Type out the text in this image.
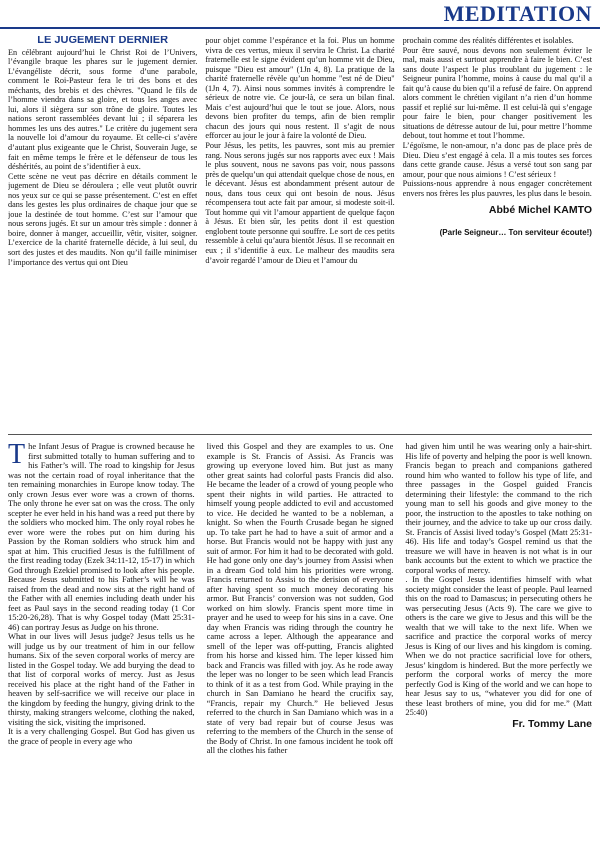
MEDITATION
LE JUGEMENT DERNIER

En célébrant aujourd’hui le Christ Roi de l’Univers, l’évangile braque les phares sur le jugement dernier. L’évangéliste décrit, sous forme d’une parabole, comment le Roi-Pasteur fera le tri des bons et des méchants, des brebis et des chèvres. "Quand le fils de l’homme viendra dans sa gloire, et tous les anges avec lui, alors il siègera sur son trône de gloire. Toutes les nations seront rassemblées devant lui ; il séparera les hommes les uns des autres." Le critère du jugement sera la nouvelle loi d’amour du royaume. Et celle-ci s’avère d’autant plus exigeante que le Christ, Souverain Juge, se fait en même temps le frère et le défenseur de tous les déshérités, au point de s’identifier à eux.

Cette scène ne veut pas décrire en détails comment le jugement de Dieu se déroulera ; elle veut plutôt ouvrir nos yeux sur ce qui se passe présentement. C’est en effet dans les gestes les plus ordinaires de chaque jour que se joue la destinée de tout homme. C’est sur l’amour que nous serons jugés. Et sur un amour très simple : donner à boire, donner à manger, accueillir, vêtir, visiter, soigner. L’exercice de la charité fraternelle décide, à lui seul, du sort des justes et des maudits. Non qu’il faille minimiser l’importance des vertus qui ont Dieu

pour objet comme l’espérance et la foi. Plus un homme vivra de ces vertus, mieux il servira le Christ. La charité fraternelle est le signe évident qu’un homme vit de Dieu, puisque "Dieu est amour" (1Jn 4, 8). La pratique de la charité fraternelle révèle qu’un homme "est né de Dieu" (1Jn 4, 7). Ainsi nous sommes invités à comprendre le sérieux de notre vie. Ce jour-là, ce sera un bilan final. Mais c’est aujourd’hui que le tout se joue. Alors, nous devons bien profiter du temps, afin de bien remplir chacun des jours qui nous restent. Il s’agit de nous efforcer au jour le jour à faire la volonté de Dieu.

Pour Jésus, les petits, les pauvres, sont mis au premier rang. Nous serons jugés sur nos rapports avec eux ! Mais le plus souvent, nous ne savons pas voir, nous passons près de quelqu’un qui attendait quelque chose de nous, en le décevant. Jésus est abondamment présent autour de nous, dans tous ceux qui ont besoin de nous. Jésus récompensera tout acte fait par amour, si modeste soit-il. Tout homme qui vit l’amour appartient de quelque façon à Jésus. Et bien sûr, les petits dont il est question englobent toute personne qui souffre. Le sort de ces petits ressemble à celui qu’aura bientôt Jésus. Il se reconnait en eux ; il s’identifie à eux. Le malheur des maudits sera d’avoir regardé l’amour de Dieu et l’amour du

prochain comme des réalités différentes et isolables.

Pour être sauvé, nous devons non seulement éviter le mal, mais aussi et surtout apprendre à faire le bien. C’est sans doute l’aspect le plus troublant du jugement : le Seigneur punira l’homme, moins à cause du mal qu’il a fait qu’à cause du bien qu’il a refusé de faire. On apprend alors comment le chrétien vigilant n’a rien d’un homme passif et replié sur lui-même. Il est celui-là qui s’engage pour faire le bien, pour changer positivement les situations de détresse autour de lui, pour mettre l’homme debout, tout homme et tout l’homme.

L’égoïsme, le non-amour, n’a donc pas de place près de Dieu. Dieu s’est engagé à cela. Il a mis toutes ses forces dans cette grande cause. Jésus a versé tout son sang par amour, pour que nous aimions ! C’est sérieux !

Puissions-nous apprendre à nous engager concrètement envers nos frères les plus pauvres, les plus dans le besoin.

Abbé Michel KAMTO
(Parle Seigneur… Ton serviteur écoute!)

The Infant Jesus of Prague is crowned because he first submitted totally to human suffering and to his Father’s will. The road to kingship for Jesus was not the certain road of royal inheritance that the ten remaining monarchies in Europe know today. The only crown Jesus ever wore was a crown of thorns. The only throne he ever sat on was the cross. The only scepter he ever held in his hand was a reed put there by the soldiers who mocked him. The only royal robes he ever wore were the robes put on him during his Passion by the Roman soldiers who struck him and spat at him. This crucified Jesus is the fulfillment of the first reading today (Ezek 34:11-12, 15-17) in which God through Ezekiel promised to look after his people. Because Jesus submitted to his Father’s will he was raised from the dead and now sits at the right hand of the Father with all enemies including death under his feet as Paul says in the second reading today (1 Cor 15:20-26,28). That is why Gospel today (Matt 25:31-46) can portray Jesus as Judge on his throne.

What in our lives will Jesus judge? Jesus tells us he will judge us by our treatment of him in our fellow humans. Six of the seven corporal works of mercy are listed in the Gospel today. We add burying the dead to that list of corporal works of mercy. Just as Jesus received his place at the right hand of the Father in heaven by self-sacrifice we will receive our place in the kingdom by feeding the hungry, giving drink to the thirsty, making strangers welcome, clothing the naked, visiting the sick, visiting the imprisoned.

It is a very challenging Gospel. But God has given us the grace of people in every age who

lived this Gospel and they are examples to us. One example is St. Francis of Assisi. As Francis was growing up everyone loved him. But just as many other great saints had colorful pasts Francis did also. He became the leader of a crowd of young people who spent their nights in wild parties. He attracted to himself young people addicted to evil and accustomed to vice. He decided he wanted to be a nobleman, a knight. So when the Fourth Crusade began he signed up. To take part he had to have a suit of armor and a horse. But Francis would not be happy with just any suit of armor. For him it had to be decorated with gold. He had gone only one day’s journey from Assisi when in a dream God told him his priorities were wrong. Francis returned to Assisi to the derision of everyone after having spent so much money decorating his armor. But Francis’ conversion was not sudden, God worked on him slowly. Francis spent more time in prayer and he used to weep for his sins in a cave. One day when Francis was riding through the country he came across a leper. Although the appearance and smell of the leper was off-putting, Francis alighted from his horse and kissed him. The leper kissed him back and Francis was filled with joy. As he rode away the leper was no longer to be seen which lead Francis to think of it as a test from God. While praying in the church in San Damiano he heard the crucifix say, “Francis, repair my Church.” He believed Jesus referred to the church in San Damiano which was in a state of very bad repair but of course Jesus was referring to the members of the Church in the sense of the Body of Christ. In one famous incident he took off all the clothes his father

had given him until he was wearing only a hair-shirt. His life of poverty and helping the poor is well known. Francis began to preach and companions gathered round him who wanted to follow his type of life, and three passages in the Gospel guided Francis determining their lifestyle: the command to the rich young man to sell his goods and give money to the poor, the instruction to the apostles to take nothing on their journey, and the advice to take up our cross daily. St. Francis of Assisi lived today’s Gospel (Matt 25:31-46). His life and today’s Gospel remind us that the treasure we will have in heaven is not what is in our bank accounts but the extent to which we practice the corporal works of mercy.

. In the Gospel Jesus identifies himself with what society might consider the least of people. Paul learned this on the road to Damascus; in persecuting others he was persecuting Jesus (Acts 9). The care we give to others is the care we give to Jesus and this will be the wealth that we will take to the next life. When we sacrifice and practice the corporal works of mercy Jesus is King of our lives and his kingdom is coming. When we do not practice sacrificial love for others, Jesus’ kingdom is hindered. But the more perfectly we perform the corporal works of mercy the more perfectly God is King of the world and we can hope to hear Jesus say to us, “whatever you did for one of these least brothers of mine, you did for me.” (Matt 25:40)

Fr. Tommy Lane
